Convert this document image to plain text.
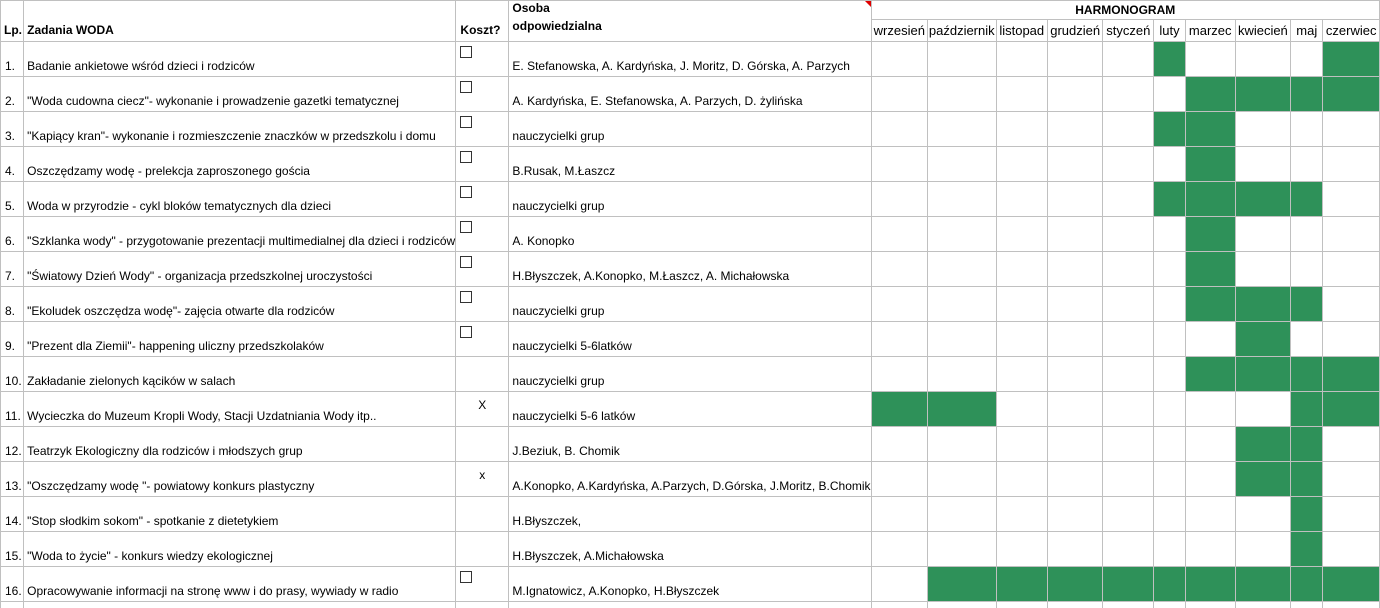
Lp.	Zadania WODA	Koszt?	Osoba
odpowiedzialna	HARMONOGRAM									
				wrzesień	październik	listopad	grudzień	styczeń	luty	marzec	kwiecień	maj	czerwiec
1.	Badanie ankietowe wśród dzieci i rodziców		E. Stefanowska, A. Kardyńska, J. Moritz, D. Górska, A. Parzych										
2.	"Woda cudowna ciecz"- wykonanie i prowadzenie gazetki tematycznej		A. Kardyńska, E. Stefanowska, A. Parzych, D. żylińska										
3.	"Kapiący kran"- wykonanie i rozmieszczenie znaczków w przedszkolu i domu		nauczycielki grup										
4.	Oszczędzamy wodę - prelekcja zaproszonego gościa		B.Rusak, M.Łaszcz										
5.	Woda w przyrodzie - cykl bloków tematycznych dla dzieci		nauczycielki grup										
6.	"Szklanka wody" - przygotowanie prezentacji multimedialnej dla dzieci i rodziców		A. Konopko										
7.	"Światowy Dzień Wody" - organizacja przedszkolnej uroczystości		H.Błyszczek, A.Konopko, M.Łaszcz, A. Michałowska										
8.	"Ekoludek oszczędza wodę"- zajęcia otwarte dla rodziców		nauczycielki grup										
9.	"Prezent dla Ziemii"- happening uliczny przedszkolaków		nauczycielki 5-6latków										
10.	Zakładanie zielonych kącików w salach		nauczycielki grup										
11.	Wycieczka do Muzeum Kropli Wody, Stacji Uzdatniania Wody itp..	X	nauczycielki 5-6 latków										
12.	Teatrzyk Ekologiczny dla rodziców i młodszych grup		J.Beziuk, B. Chomik										
13.	"Oszczędzamy wodę "- powiatowy konkurs plastyczny	x	A.Konopko, A.Kardyńska, A.Parzych, D.Górska, J.Moritz, B.Chomik										
14.	"Stop słodkim sokom" - spotkanie z dietetykiem		H.Błyszczek,										
15.	"Woda to życie" - konkurs wiedzy ekologicznej		H.Błyszczek, A.Michałowska										
16.	Opracowywanie informacji na stronę www i do prasy, wywiady w radio		M.Ignatowicz, A.Konopko, H.Błyszczek										
